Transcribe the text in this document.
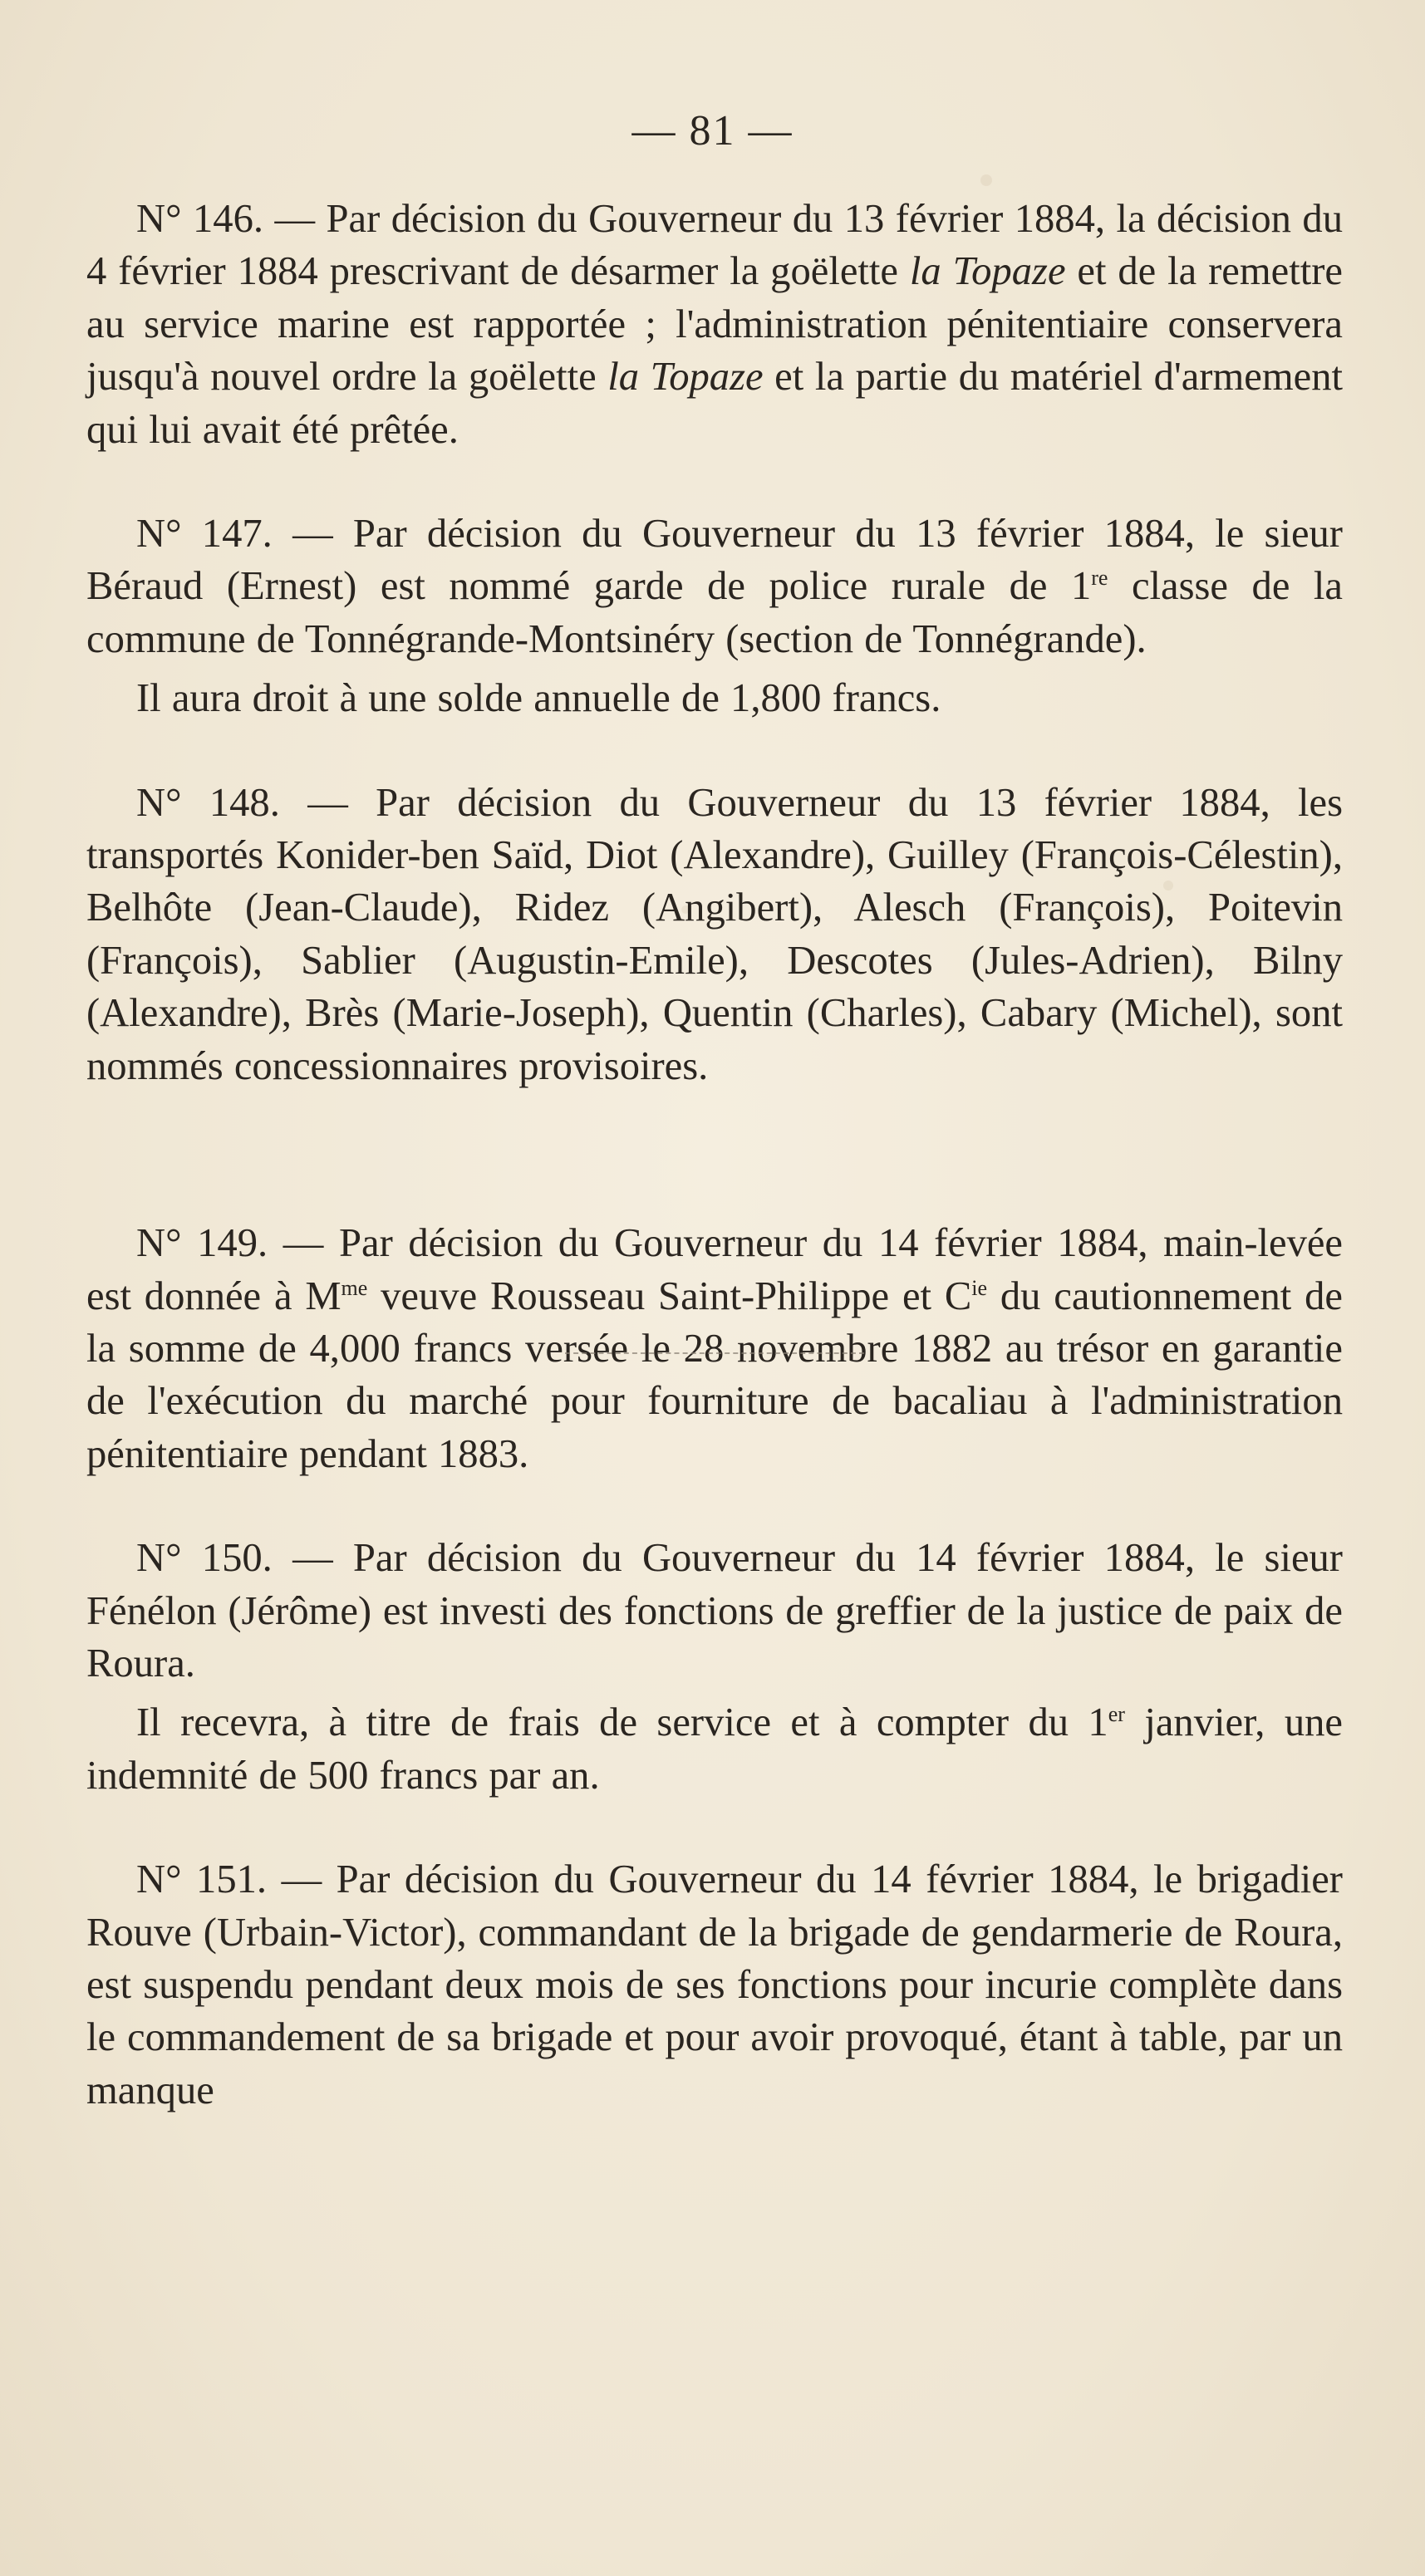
— 81 —

N° 146. — Par décision du Gouverneur du 13 février 1884, la décision du 4 février 1884 prescrivant de désarmer la goëlette la Topaze et de la remettre au service marine est rapportée ; l'administration pénitentiaire conservera jusqu'à nouvel ordre la goëlette la Topaze et la partie du matériel d'armement qui lui avait été prêtée.

N° 147. — Par décision du Gouverneur du 13 février 1884, le sieur Béraud (Ernest) est nommé garde de police rurale de 1re classe de la commune de Tonnégrande-Montsinéry (section de Tonnégrande).

Il aura droit à une solde annuelle de 1,800 francs.

N° 148. — Par décision du Gouverneur du 13 février 1884, les transportés Konider-ben Saïd, Diot (Alexandre), Guilley (François-Célestin), Belhôte (Jean-Claude), Ridez (Angibert), Alesch (François), Poitevin (François), Sablier (Augustin-Emile), Descotes (Jules-Adrien), Bilny (Alexandre), Brès (Marie-Joseph), Quentin (Charles), Cabary (Michel), sont nommés concessionnaires provisoires.

N° 149. — Par décision du Gouverneur du 14 février 1884, main-levée est donnée à $M^{me}$ veuve Rousseau Saint-Philippe et $C^{ie}$ du cautionnement de la somme de 4,000 francs versée le 28 novembre 1882 au trésor en garantie de l'exécution du marché pour fourniture de bacaliau à l'administration pénitentiaire pendant 1883.

N° 150. — Par décision du Gouverneur du 14 février 1884, le sieur Fénélon (Jérôme) est investi des fonctions de greffier de la justice de paix de Roura.

Il recevra, à titre de frais de service et à compter du 1er janvier, une indemnité de 500 francs par an.

N° 151. — Par décision du Gouverneur du 14 février 1884, le brigadier Rouve (Urbain-Victor), commandant de la brigade de gendarmerie de Roura, est suspendu pendant deux mois de ses fonctions pour incurie complète dans le commandement de sa brigade et pour avoir provoqué, étant à table, par un manque
